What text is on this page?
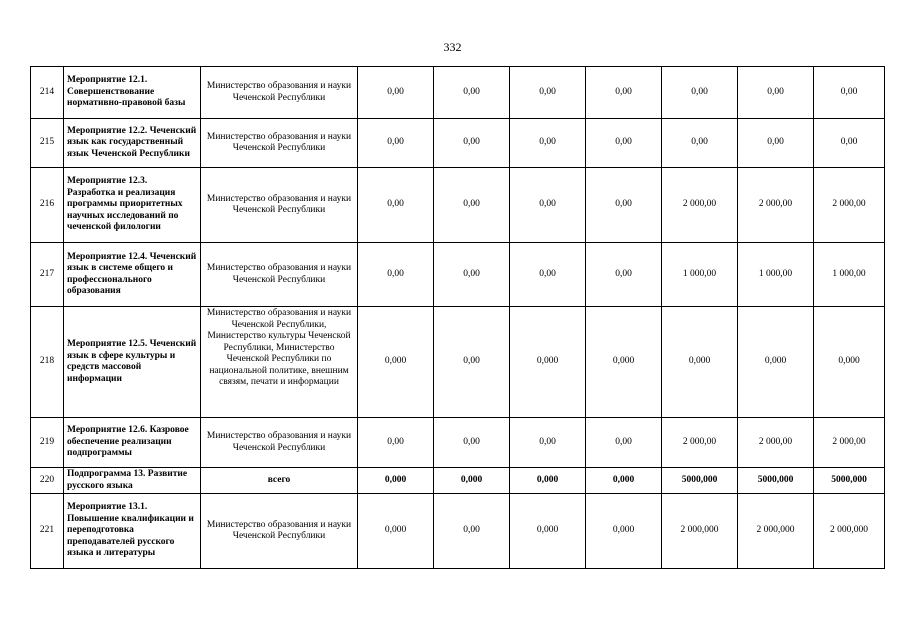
332
214	Мероприятие 12.1. Совершенствование нормативно-правовой базы	Министерство образования и науки Чеченской Республики	0,00	0,00	0,00	0,00	0,00	0,00	0,00
215	Мероприятие 12.2. Чеченский язык как государственный язык Чеченской Республики	Министерство образования и науки Чеченской Республики	0,00	0,00	0,00	0,00	0,00	0,00	0,00
216	Мероприятие 12.3. Разработка и реализация программы приоритетных научных исследований по чеченской филологии	Министерство образования и науки Чеченской Республики	0,00	0,00	0,00	0,00	2 000,00	2 000,00	2 000,00
217	Мероприятие 12.4. Чеченский язык в системе общего и профессионального образования	Министерство образования и науки Чеченской Республики	0,00	0,00	0,00	0,00	1 000,00	1 000,00	1 000,00
218	Мероприятие 12.5. Чеченский язык в сфере культуры и средств массовой информации	Министерство образования и науки Чеченской Республики, Министерство культуры Чеченской Республики, Министерство Чеченской Республики по национальной политике, внешним связям, печати и информации	0,000	0,00	0,000	0,000	0,000	0,000	0,000
219	Мероприятие 12.6. Казровое обеспечение реализации подпрограммы	Министерство образования и науки Чеченской Республики	0,00	0,00	0,00	0,00	2 000,00	2 000,00	2 000,00
220	Подпрограмма 13. Развитие русского языка	всего	0,000	0,000	0,000	0,000	5000,000	5000,000	5000,000
221	Мероприятие 13.1. Повышение квалификации и переподготовка преподавателей русского языка и литературы	Министерство образования и науки Чеченской Республики	0,000	0,00	0,000	0,000	2 000,000	2 000,000	2 000,000
